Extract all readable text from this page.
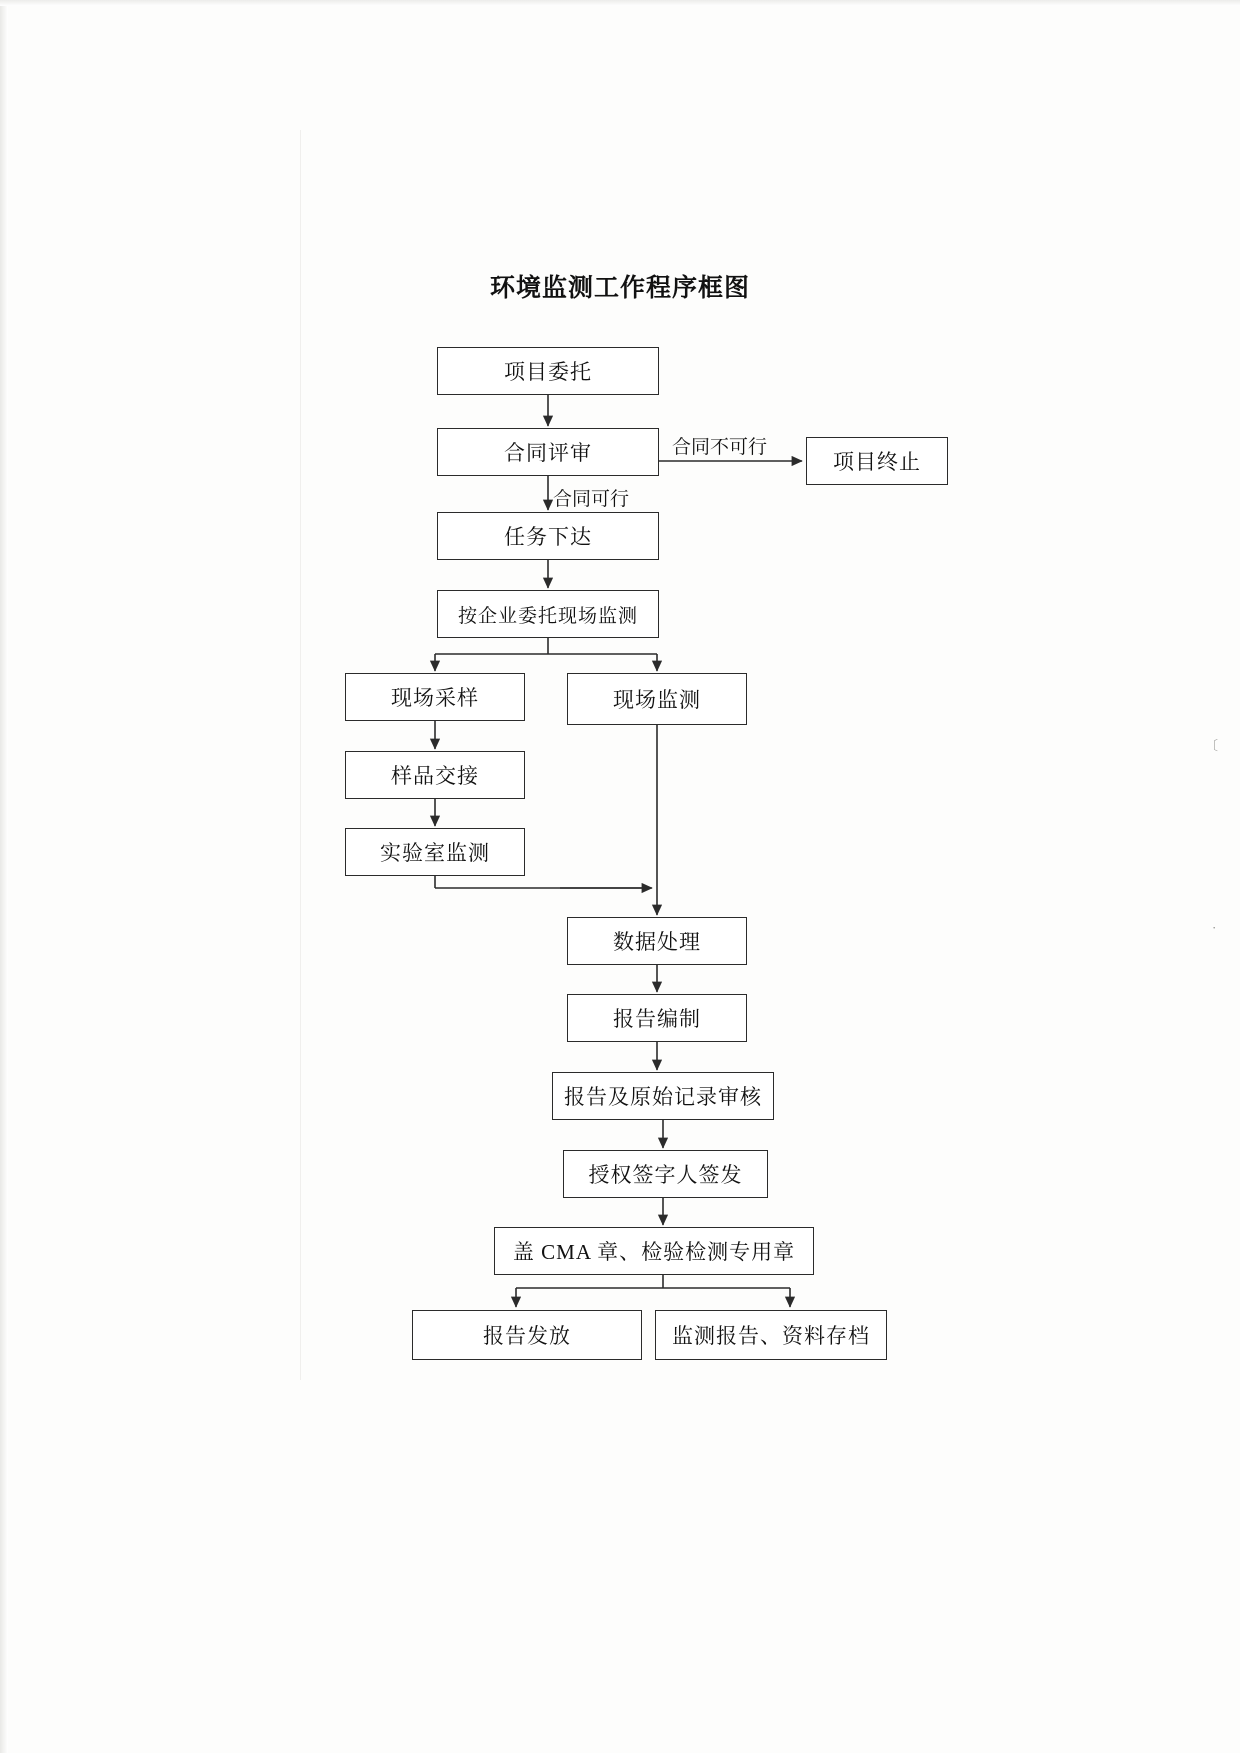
环境监测工作程序框图
项目委托
合同评审	项目终止
任务下达
按企业委托现场监测
现场采样	现场监测
样品交接
实验室监测
数据处理
报告编制
报告及原始记录审核
授权签字人签发
盖 CMA 章、检验检测专用章
报告发放	监测报告、资料存档
合同不可行
合同可行
〔
·
